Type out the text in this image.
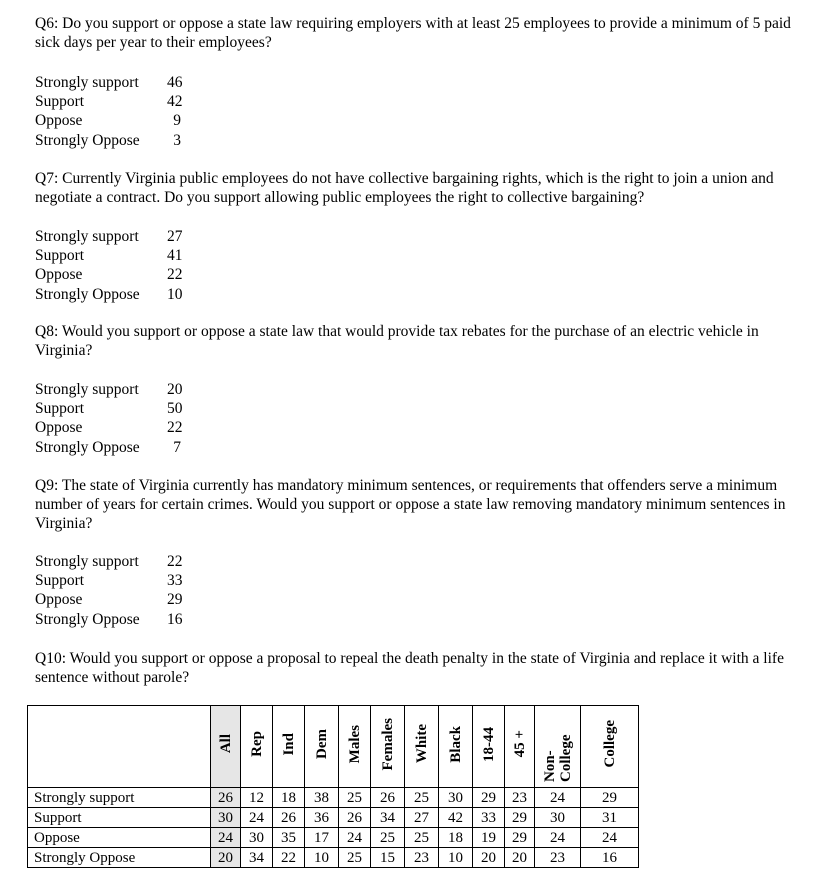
Q6: Do you support or oppose a state law requiring employers with at least 25 employees to provide a minimum of 5 paid sick days per year to their employees?
Strongly support	46
Support	42
Oppose	9
Strongly Oppose	3
Q7: Currently Virginia public employees do not have collective bargaining rights, which is the right to join a union and negotiate a contract. Do you support allowing public employees the right to collective bargaining?
Strongly support	27
Support	41
Oppose	22
Strongly Oppose	10
Q8: Would you support or oppose a state law that would provide tax rebates for the purchase of an electric vehicle in Virginia?
Strongly support	20
Support	50
Oppose	22
Strongly Oppose	7
Q9: The state of Virginia currently has mandatory minimum sentences, or requirements that offenders serve a minimum number of years for certain crimes. Would you support or oppose a state law removing mandatory minimum sentences in Virginia?
Strongly support	22
Support	33
Oppose	29
Strongly Oppose	16
Q10: Would you support or oppose a proposal to repeal the death penalty in the state of Virginia and replace it with a life sentence without parole?
	All	Rep	Ind	Dem	Males	Females	White	Black	18-44	45 +	Non-College	College
Strongly support	26	12	18	38	25	26	25	30	29	23	24	29
Support	30	24	26	36	26	34	27	42	33	29	30	31
Oppose	24	30	35	17	24	25	25	18	19	29	24	24
Strongly Oppose	20	34	22	10	25	15	23	10	20	20	23	16
